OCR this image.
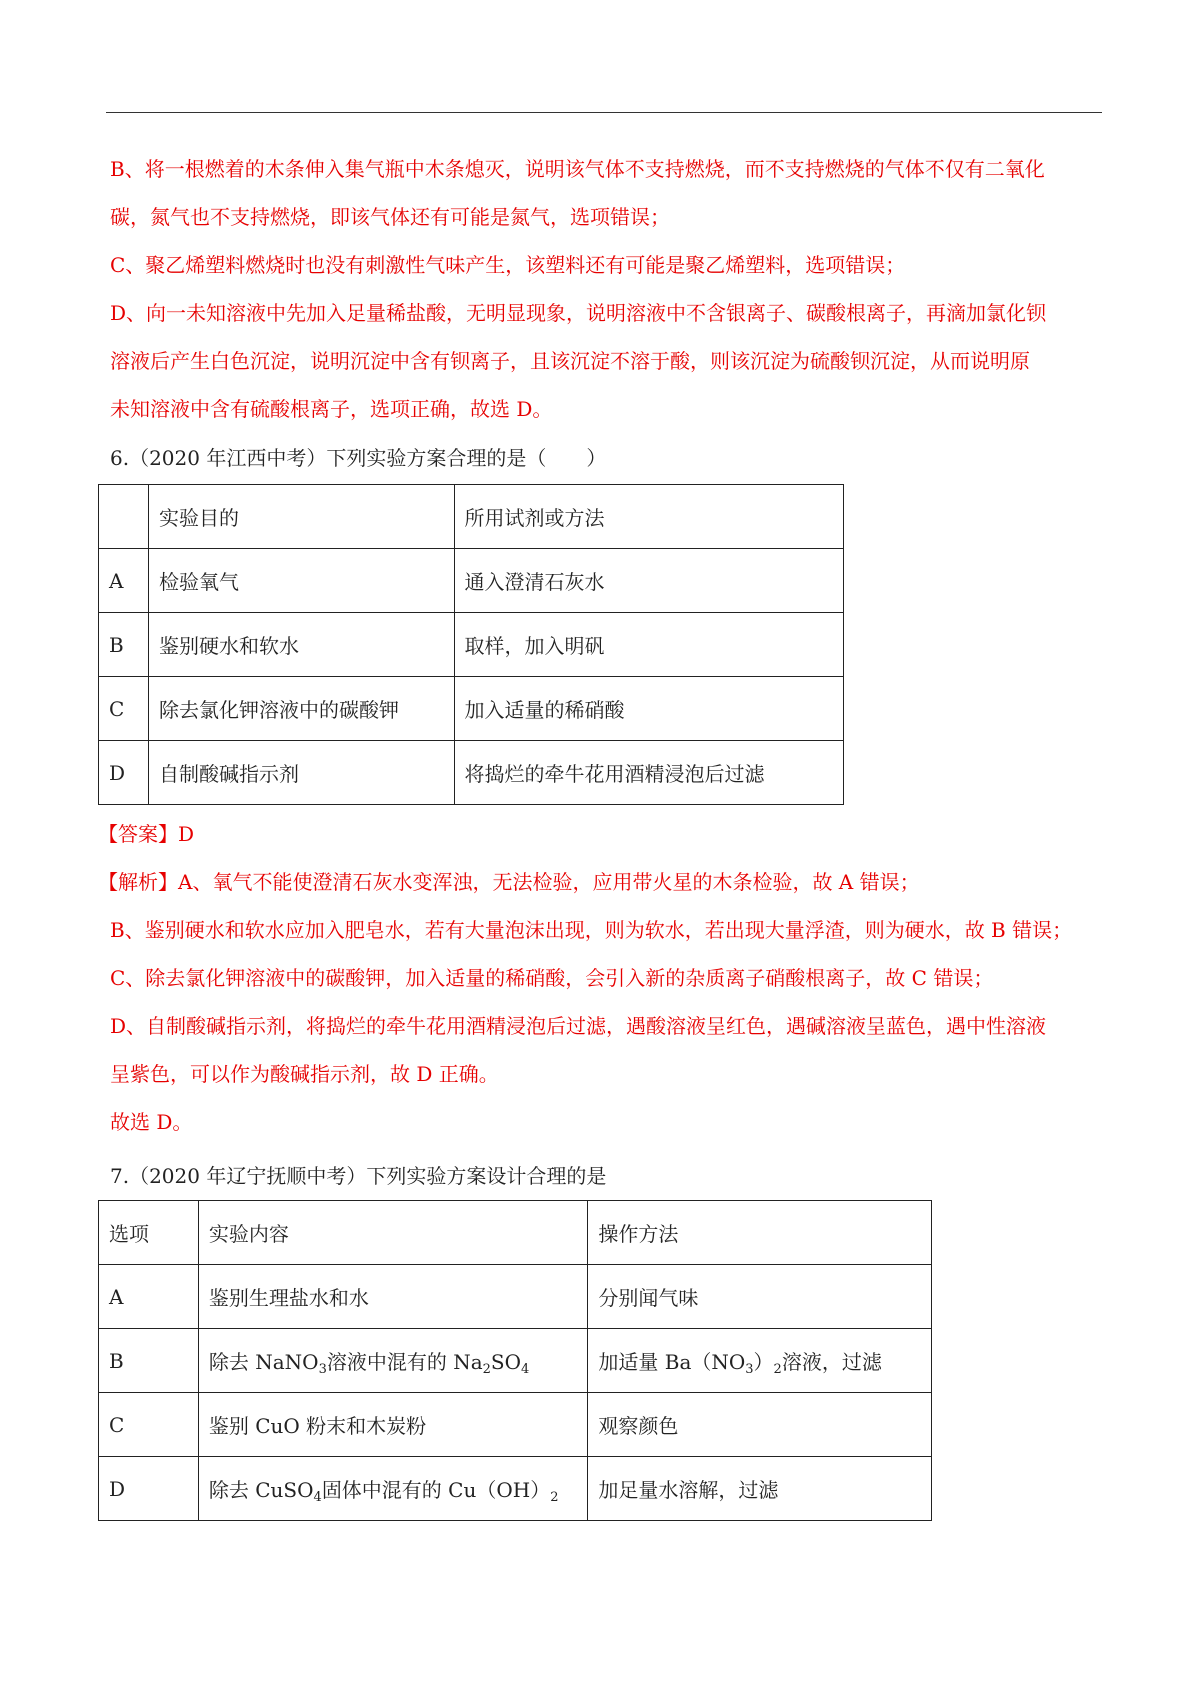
B、将一根燃着的木条伸入集气瓶中木条熄灭，说明该气体不支持燃烧，而不支持燃烧的气体不仅有二氧化

碳，氮气也不支持燃烧，即该气体还有可能是氮气，选项错误；

C、聚乙烯塑料燃烧时也没有刺激性气味产生，该塑料还有可能是聚乙烯塑料，选项错误；

D、向一未知溶液中先加入足量稀盐酸，无明显现象，说明溶液中不含银离子、碳酸根离子，再滴加氯化钡

溶液后产生白色沉淀，说明沉淀中含有钡离子，且该沉淀不溶于酸，则该沉淀为硫酸钡沉淀，从而说明原

未知溶液中含有硫酸根离子，选项正确，故选 D。

6.（2020 年江西中考）下列实验方案合理的是（　　）
	实验目的	所用试剂或方法
A	检验氧气	通入澄清石灰水
B	鉴别硬水和软水	取样，加入明矾
C	除去氯化钾溶液中的碳酸钾	加入适量的稀硝酸
D	自制酸碱指示剂	将捣烂的牵牛花用酒精浸泡后过滤

【答案】D

【解析】A、氧气不能使澄清石灰水变浑浊，无法检验，应用带火星的木条检验，故 A 错误；

B、鉴别硬水和软水应加入肥皂水，若有大量泡沫出现，则为软水，若出现大量浮渣，则为硬水，故 B 错误；

C、除去氯化钾溶液中的碳酸钾，加入适量的稀硝酸，会引入新的杂质离子硝酸根离子，故 C 错误；

D、自制酸碱指示剂，将捣烂的牵牛花用酒精浸泡后过滤，遇酸溶液呈红色，遇碱溶液呈蓝色，遇中性溶液

呈紫色，可以作为酸碱指示剂，故 D 正确。

故选 D。

7.（2020 年辽宁抚顺中考）下列实验方案设计合理的是
选项	实验内容	操作方法
A	鉴别生理盐水和水	分别闻气味
B	除去 NaNO$_3$溶液中混有的 $Na_2SO_4$	加适量 $Ba(NO_3)_2$溶液，过滤
C	鉴别 CuO 粉末和木炭粉	观察颜色
D	除去 CuSO$_4$固体中混有的 $Cu(OH)_2$	加足量水溶解，过滤
